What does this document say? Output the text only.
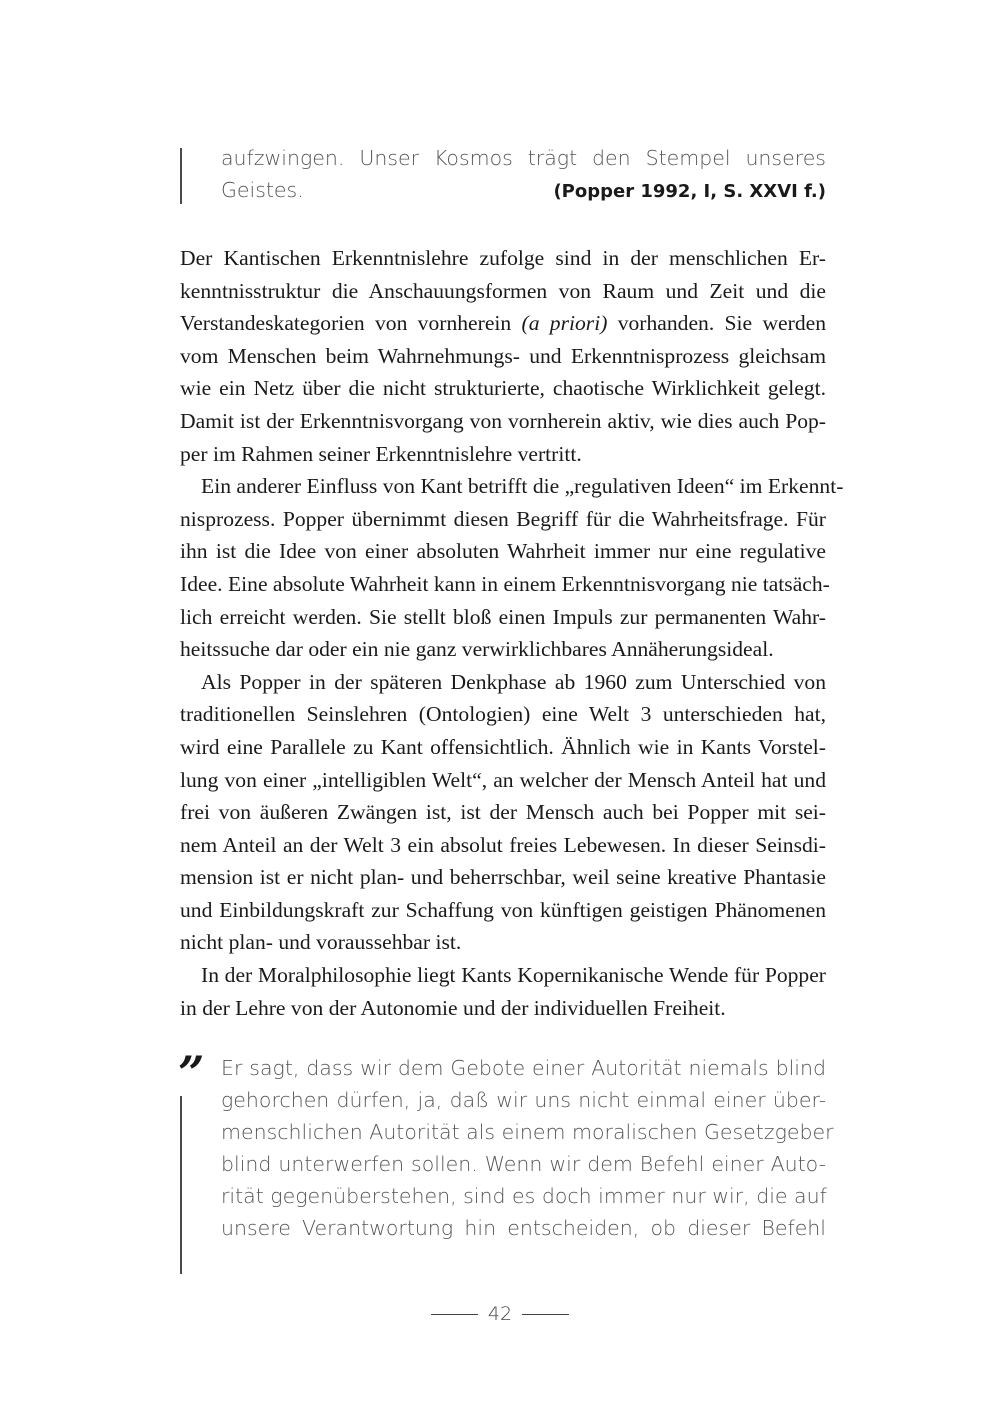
aufzwingen. Unser Kosmos trägt den Stempel unseres
Geistes.	(Popper 1992, I, S. XXVI f.)
Der Kantischen Erkenntnislehre zufolge sind in der menschlichen Er-
kenntnisstruktur die Anschauungsformen von Raum und Zeit und die
Verstandeskategorien von vornherein (a priori) vorhanden. Sie werden
vom Menschen beim Wahrnehmungs- und Erkenntnisprozess gleichsam
wie ein Netz über die nicht strukturierte, chaotische Wirklichkeit gelegt.
Damit ist der Erkenntnisvorgang von vornherein aktiv, wie dies auch Pop-
per im Rahmen seiner Erkenntnislehre vertritt.
Ein anderer Einfluss von Kant betrifft die „regulativen Ideen“ im Erkennt-
nisprozess. Popper übernimmt diesen Begriff für die Wahrheitsfrage. Für
ihn ist die Idee von einer absoluten Wahrheit immer nur eine regulative
Idee. Eine absolute Wahrheit kann in einem Erkenntnisvorgang nie tatsäch-
lich erreicht werden. Sie stellt bloß einen Impuls zur permanenten Wahr-
heitssuche dar oder ein nie ganz verwirklichbares Annäherungsideal.
Als Popper in der späteren Denkphase ab 1960 zum Unterschied von
traditionellen Seinslehren (Ontologien) eine Welt 3 unterschieden hat,
wird eine Parallele zu Kant offensichtlich. Ähnlich wie in Kants Vorstel-
lung von einer „intelligiblen Welt“, an welcher der Mensch Anteil hat und
frei von äußeren Zwängen ist, ist der Mensch auch bei Popper mit sei-
nem Anteil an der Welt 3 ein absolut freies Lebewesen. In dieser Seinsdi-
mension ist er nicht plan- und beherrschbar, weil seine kreative Phantasie
und Einbildungskraft zur Schaffung von künftigen geistigen Phänomenen
nicht plan- und voraussehbar ist.
In der Moralphilosophie liegt Kants Kopernikanische Wende für Popper
in der Lehre von der Autonomie und der individuellen Freiheit.
” Er sagt, dass wir dem Gebote einer Autorität niemals blind
gehorchen dürfen, ja, daß wir uns nicht einmal einer über-
menschlichen Autorität als einem moralischen Gesetzgeber
blind unterwerfen sollen. Wenn wir dem Befehl einer Auto-
rität gegenüberstehen, sind es doch immer nur wir, die auf
unsere Verantwortung hin entscheiden, ob dieser Befehl
42
